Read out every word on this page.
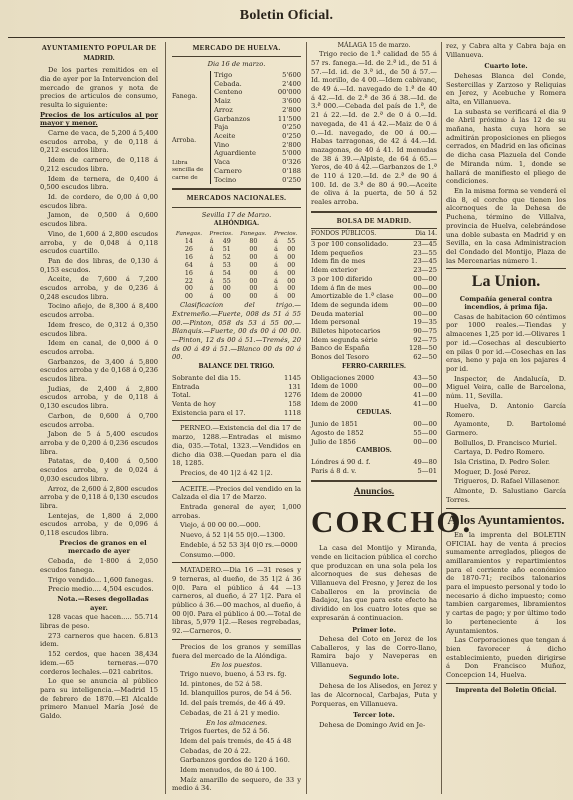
Boletin Oficial.
AYUNTAMIENTO POPULAR DE
MADRID.

De los partes remitidos en el dia de ayer por la Intervencion del mercado de granos y nota de precios de articulos de consumo, resulta lo siguiente:

Precios de los artículos al por mayor y menor.

Carne de vaca, de 5,200 á 5,400 escudos arroba, y de 0,118 á 0,212 escudos libra.

Idem de carnero, de 0,118 á 0,212 escudos libra.

Idem de ternera, de 0,400 á 0,500 escudos libra.

Id. de cordero, de 0,00 á 0,00 escudos libra.

Jamon, de 0,500 á 0,600 escudos libra.

Vino, de 1,600 á 2,800 escudos arroba, y de 0,048 á 0,118 escudos cuartillo.

Pan de dos libras, de 0,130 á 0,153 escudos.

Aceite, de 7,600 á 7,200 escudos arroba, y de 0,236 á 0,248 escudos libra.

Tocino añejo, de 8,300 á 8,400 escudos arroba.

Idem fresco, de 0,312 á 0,350 escudos libra.

Idem en canal, de 0,000 á 0 escudos arroba.

Garbanzos, de 3,400 á 5,800 escudos arroba y de 0,168 á 0,236 escudos libra.

Judias, de 2,400 á 2,800 escudos arroba, y de 0,118 á 0,130 escudos libra.

Carbon, de 0,600 á 0,700 escudos arroba.

Jabon de 5 á 5,400 escudos arroba y de 0,200 á 0,236 escudos libra.

Patatas, de 0,400 á 0,500 escudos arroba, y de 0,024 á 0,030 escudos libra.

Arroz, de 2,600 á 2,800 escudos arroba y de 0,118 á 0,130 escudos libra.

Lentejas, de 1,800 á 2,000 escudos arroba, y de 0,096 á 0,118 escudos libra.

Precios de granos en el mercado de ayer

Cebada, de 1·800 á 2,050 escudos fanega.

Trigo vendido... 1,600 fanegas.

Precio medio.... 4,504 escudos.

Nota.—Reses degolladas ayer.

128 vacas que hacen..... 55.714 libras de peso.

273 carneros que hacen. 6.813 idem.

152 cerdos, que hacen 38,434 idem.—65 terneras.—070 corderos lechales.—021 cabritos.

Lo que se anuncia al público para su inteligencia.—Madrid 15 de febrero de 1870.—El Alcalde primero Manuel María José de Galdo.

MERCADO DE HUELVA.
Dia 16 de marzo.
Fanega.
Trigo	5'600
Cebada.	2'400
Centeno	00'000
Maiz	3'600
Arroz	2'800
Garbanzos	11'500
Arroba.
Paja	0'250
Aceite	0'250
Vino	2'800
Aguardiente	5'000
Libra sencilla de carne de
Vaca	0'326
Carnero	0'188
Tocino	0'250
MERCADOS NACIONALES.
Sevilla 17 de Marzo.
ALHÓNDIGA.
Fanegas.	Precios.		Fanegas.	Precios.	
14	á	49	80	á	55
26	á	51	00	á	00
16	á	52	00	á	00
64	á	53	00	á	00
16	á	54	00	á	00
22	á	55	00	á	00
00	á	00	00	á	00
00	á	00	00	á	00

Clasificacion del trigo.—Extremeño.—Fuerte, 008 ds 51 á 55 00.—Pinton, 058 ds 53 á 55 00.—Blanquis.—Fuerte, 00 ds 00 á 00 00.—Pinton, 12 ds 00 á 51.—Tremés, 20 ds 00 á 49 á 51.—Blanco 00 ds 00 á 00.

BALANCE DEL TRIGO.
Sobrante del dia 15.	1145
Entrada	131
Total.	1276
Venta de hoy	158
Existencia para el 17.	1118

PERNEO.—Existencia del dia 17 de marzo, 1288.—Entradas el mismo dia, 035.—Total, 1323.—Vendidos en dicho dia 038.—Quedan para el dia 18, 1285.

Precios, de 40 1|2 á 42 1|2.

ACEITE.—Precios del vendido en la Calzada el dia 17 de Marzo.

Entrada general de ayer, 1,000 arrobas.

Viejo, á 00 00 00.—000.

Nuevo, á 52 1|4 55 0|0.—1300.

Endeble, á 52 53 3|4 0|0 rs.—0000

Consumo.—000.

MATADERO.—Dia 16 —31 reses y 9 terneras, al dueño, de 35 1|2 á 36 0|0. Para el público á 44 —13 carneros, al dueño, á 27 1|2. Para el público á 36.—00 machos, al dueño, á 00 0|0. Para el público á 00.—Total de libras, 5,979 1|2.—Reses regrebadas, 92.—Carneros, 0.

Precios de los granos y semillas fuera del mercado de la Alóndiga.

En los puestos.

Trigo nuevo, bueno, á 53 rs. fg.

Id. pintones, de 52 á 58.

Id. blanquillos puros, de 54 á 56.

Id. del país tremés, de 46 á 49.

Cebadas, de 21 á 21 y medio.

En los almacenes.

Trigos fuertes, de 52 á 56.

Idem del país tremés, de 45 á 48

Cebadas, de 20 á 22.

Garbanzos gordos de 120 á 160.

Idem menudos, de 80 á 100.

Maíz amarillo de sequero, de 33 y medio á 34.

MÁLAGA 15 de marzo.

Trigo recio de 1.ª calidad de 55 á 57 rs. fanega.—Id. de 2.ª id., de 51 á 57.—Id. id. de 3.ª id., de 50 á 57.—Id. morillo, de 4 00.—Idem cabivanc, de 49 á.—Id. navegado de 1.ª de 40 á 42.—Id. de 2.ª de 36 á 38.—Id. de 3.ª 000.—Cebada del país de 1.ª, de 21 á 22.—Id. de 2.ª de 0 á 0.—Id. navegada, de 41 á 42.—Maiz de 0 á 0.—Id. navegado, de 00 á 00.—Habas tarragonas, de 42 á 44.—Id. mazagonas, de 40 á 41. Id menudas de 38 á 39.—Alpiste, de 64 á 65.—Yeros, de 40 á 42.—Garbanzos de 1.ª de 110 á 120.—Id. de 2.ª de 90 á 100. Id. de 3.ª de 80 á 90.—Aceite de oliva á la puerta, de 50 á 52 reales arroba.

BOLSA DE MADRID.
FONDOS PÚBLICOS.	Dia 14.
3 por 100 consolidado.	23—45
Idem pequeños	23—55
Idem fin de mes	23—45
Idem exterior	23—25
3 por 100 diferido	00—00
Idem á fin de mes	00—00
Amortizable de 1.ª clase	00—00
Idem de segunda idem	00—00
Deuda material	00—00
Idem personal	19—35
Billetes hipotecarios	90—75
Idem segunda série	92—75
Banco de España	128—50
Bonos del Tesoro	62—50
FERRO-CARRILES.
Obligaciones 2000	43—50
Idem de 1000	00—00
Idem de 20000	41—00
Idem de 2000	41—00
CEDULAS.
Junio de 1851	00—00
Agosto de 1852	55—00
Julio de 1856	00—00
CAMBIOS.
Lóndres á 90 d. f.	49—80
Paris á 8 d. v.	5—01
Anuncios.
CORCHO.

La casa del Montijo y Miranda, vende en licitacion pública el corcho que produzcan en una sola pela los alcornoques de sus dehesas de Villanueva del Fresno, y Jerez de los Caballeros en la provincia de Badajoz, las que para este efecto ha dividido en los cuatro lotes que se expresarán á continuacion.

Primer lote.

Dehesa del Coto en Jerez de los Caballeros, y las de Corro-llano, Ramira bajo y Naveperas en Villanueva.

Segundo lote.

Dehesa de los Alisedos, en Jerez y las de Alcornocal, Carbajas, Puta y Porqueras, en Villanueva.

Tercer lote.

Dehesa de Domingo Avid en Je-

rez, y Cabra alta y Cabra baja en Villanueva.

Cuarto lote.

Dehesas Blanca del Conde, Sestercillas y Zarzoso y Reliquias en Jerez, y Acebuche y Romera alta, en Villanueva.

La subasta se verificará el dia 9 de Abril próximo á las 12 de su mañana, hasta cuya hora se admitirán proposiciones en pliegos cerrados, en Madrid en las oficinas de dicha casa Plazuela del Conde de Miranda núm. 1, donde se hallará de manifiesto el pliego de condiciones.

En la misma forma se venderá el dia 8, el corcho que tienen los alcornoques de la Dehesa de Puchena, término de Villalva, provincia de Huelva, celebrándose una doble subasta en Madrid y en Sevilla, en la casa Administracion del Condado del Montijo, Plaza de las Mercenarias número 1.

La Union.
Compañía general contra incendios, á prima fija.

Casas de habitacion 60 céntimos por 1000 reales.—Tiendas y almacenes 1,25 por id.—Olivares 1 por id.—Cosechas al descubierto en pilas 0 por id.—Cosechas en las eras, heno y paja en los pajares 4 por id.

Inspector, de Andalucía, D. Miguel Veira, calle de Barcelona, núm. 11, Sevilla.

Huelva, D. Antonio García Romero.

Ayamonte, D. Bartolomé Garmero.

Bollullos, D. Francisco Muriel.

Cartaya, D. Pedro Romero.

Isla Cristina, D. Pedro Soler.

Moguer, D. José Perez.

Trigueros, D. Rafael Villasenor.

Almonte, D. Salustiano García Torres.

Á los Ayuntamientos.

En la imprenta del BOLETIN OFICIAL hay de venta á precios sumamente arreglados, pliegos de amillaramientos y repartimientos para el corriente año económico de 1870-71; recibos talonarios para el impuesto personal y todo lo necesario á dicho impuesto; como tambien cargaremes, libramientos y cartas de pago; y por último todo lo perteneciente á los Ayuntamientos.

Las Corporaciones que tengan á bien favorecer á dicho establecimiento, pueden dirigirse á Don Francisco Muñoz, Concepcion 14, Huelva.

Imprenta del Boletin Oficial.
